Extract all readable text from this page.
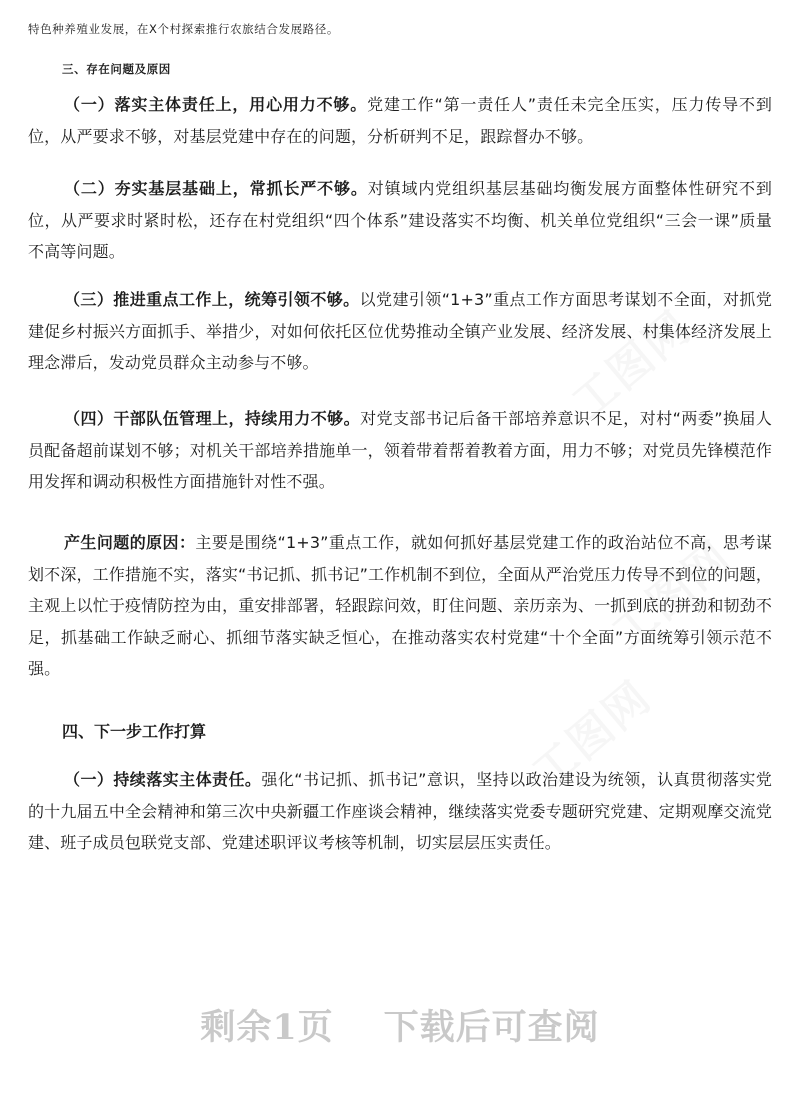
特色种养殖业发展，在X个村探索推行农旅结合发展路径。

三、存在问题及原因

（一）落实主体责任上，用心用力不够。党建工作“第一责任人”责任未完全压实，压力传导不到位，从严要求不够，对基层党建中存在的问题，分析研判不足，跟踪督办不够。

（二）夯实基层基础上，常抓长严不够。对镇域内党组织基层基础均衡发展方面整体性研究不到位，从严要求时紧时松，还存在村党组织“四个体系”建设落实不均衡、机关单位党组织“三会一课”质量不高等问题。

（三）推进重点工作上，统筹引领不够。以党建引领“1+3”重点工作方面思考谋划不全面，对抓党建促乡村振兴方面抓手、举措少，对如何依托区位优势推动全镇产业发展、经济发展、村集体经济发展上理念滞后，发动党员群众主动参与不够。

（四）干部队伍管理上，持续用力不够。对党支部书记后备干部培养意识不足，对村“两委”换届人员配备超前谋划不够；对机关干部培养措施单一，领着带着帮着教着方面，用力不够；对党员先锋模范作用发挥和调动积极性方面措施针对性不强。

产生问题的原因：主要是围绕“1+3”重点工作，就如何抓好基层党建工作的政治站位不高，思考谋划不深，工作措施不实，落实“书记抓、抓书记”工作机制不到位，全面从严治党压力传导不到位的问题，主观上以忙于疫情防控为由，重安排部署，轻跟踪问效，盯住问题、亲历亲为、一抓到底的拼劲和韧劲不足，抓基础工作缺乏耐心、抓细节落实缺乏恒心，在推动落实农村党建“十个全面”方面统筹引领示范不强。

四、下一步工作打算

（一）持续落实主体责任。强化“书记抓、抓书记”意识，坚持以政治建设为统领，认真贯彻落实党的十九届五中全会精神和第三次中央新疆工作座谈会精神，继续落实党委专题研究党建、定期观摩交流党建、班子成员包联党支部、党建述职评议考核等机制，切实层层压实责任。

剩余1页 下载后可查阅
